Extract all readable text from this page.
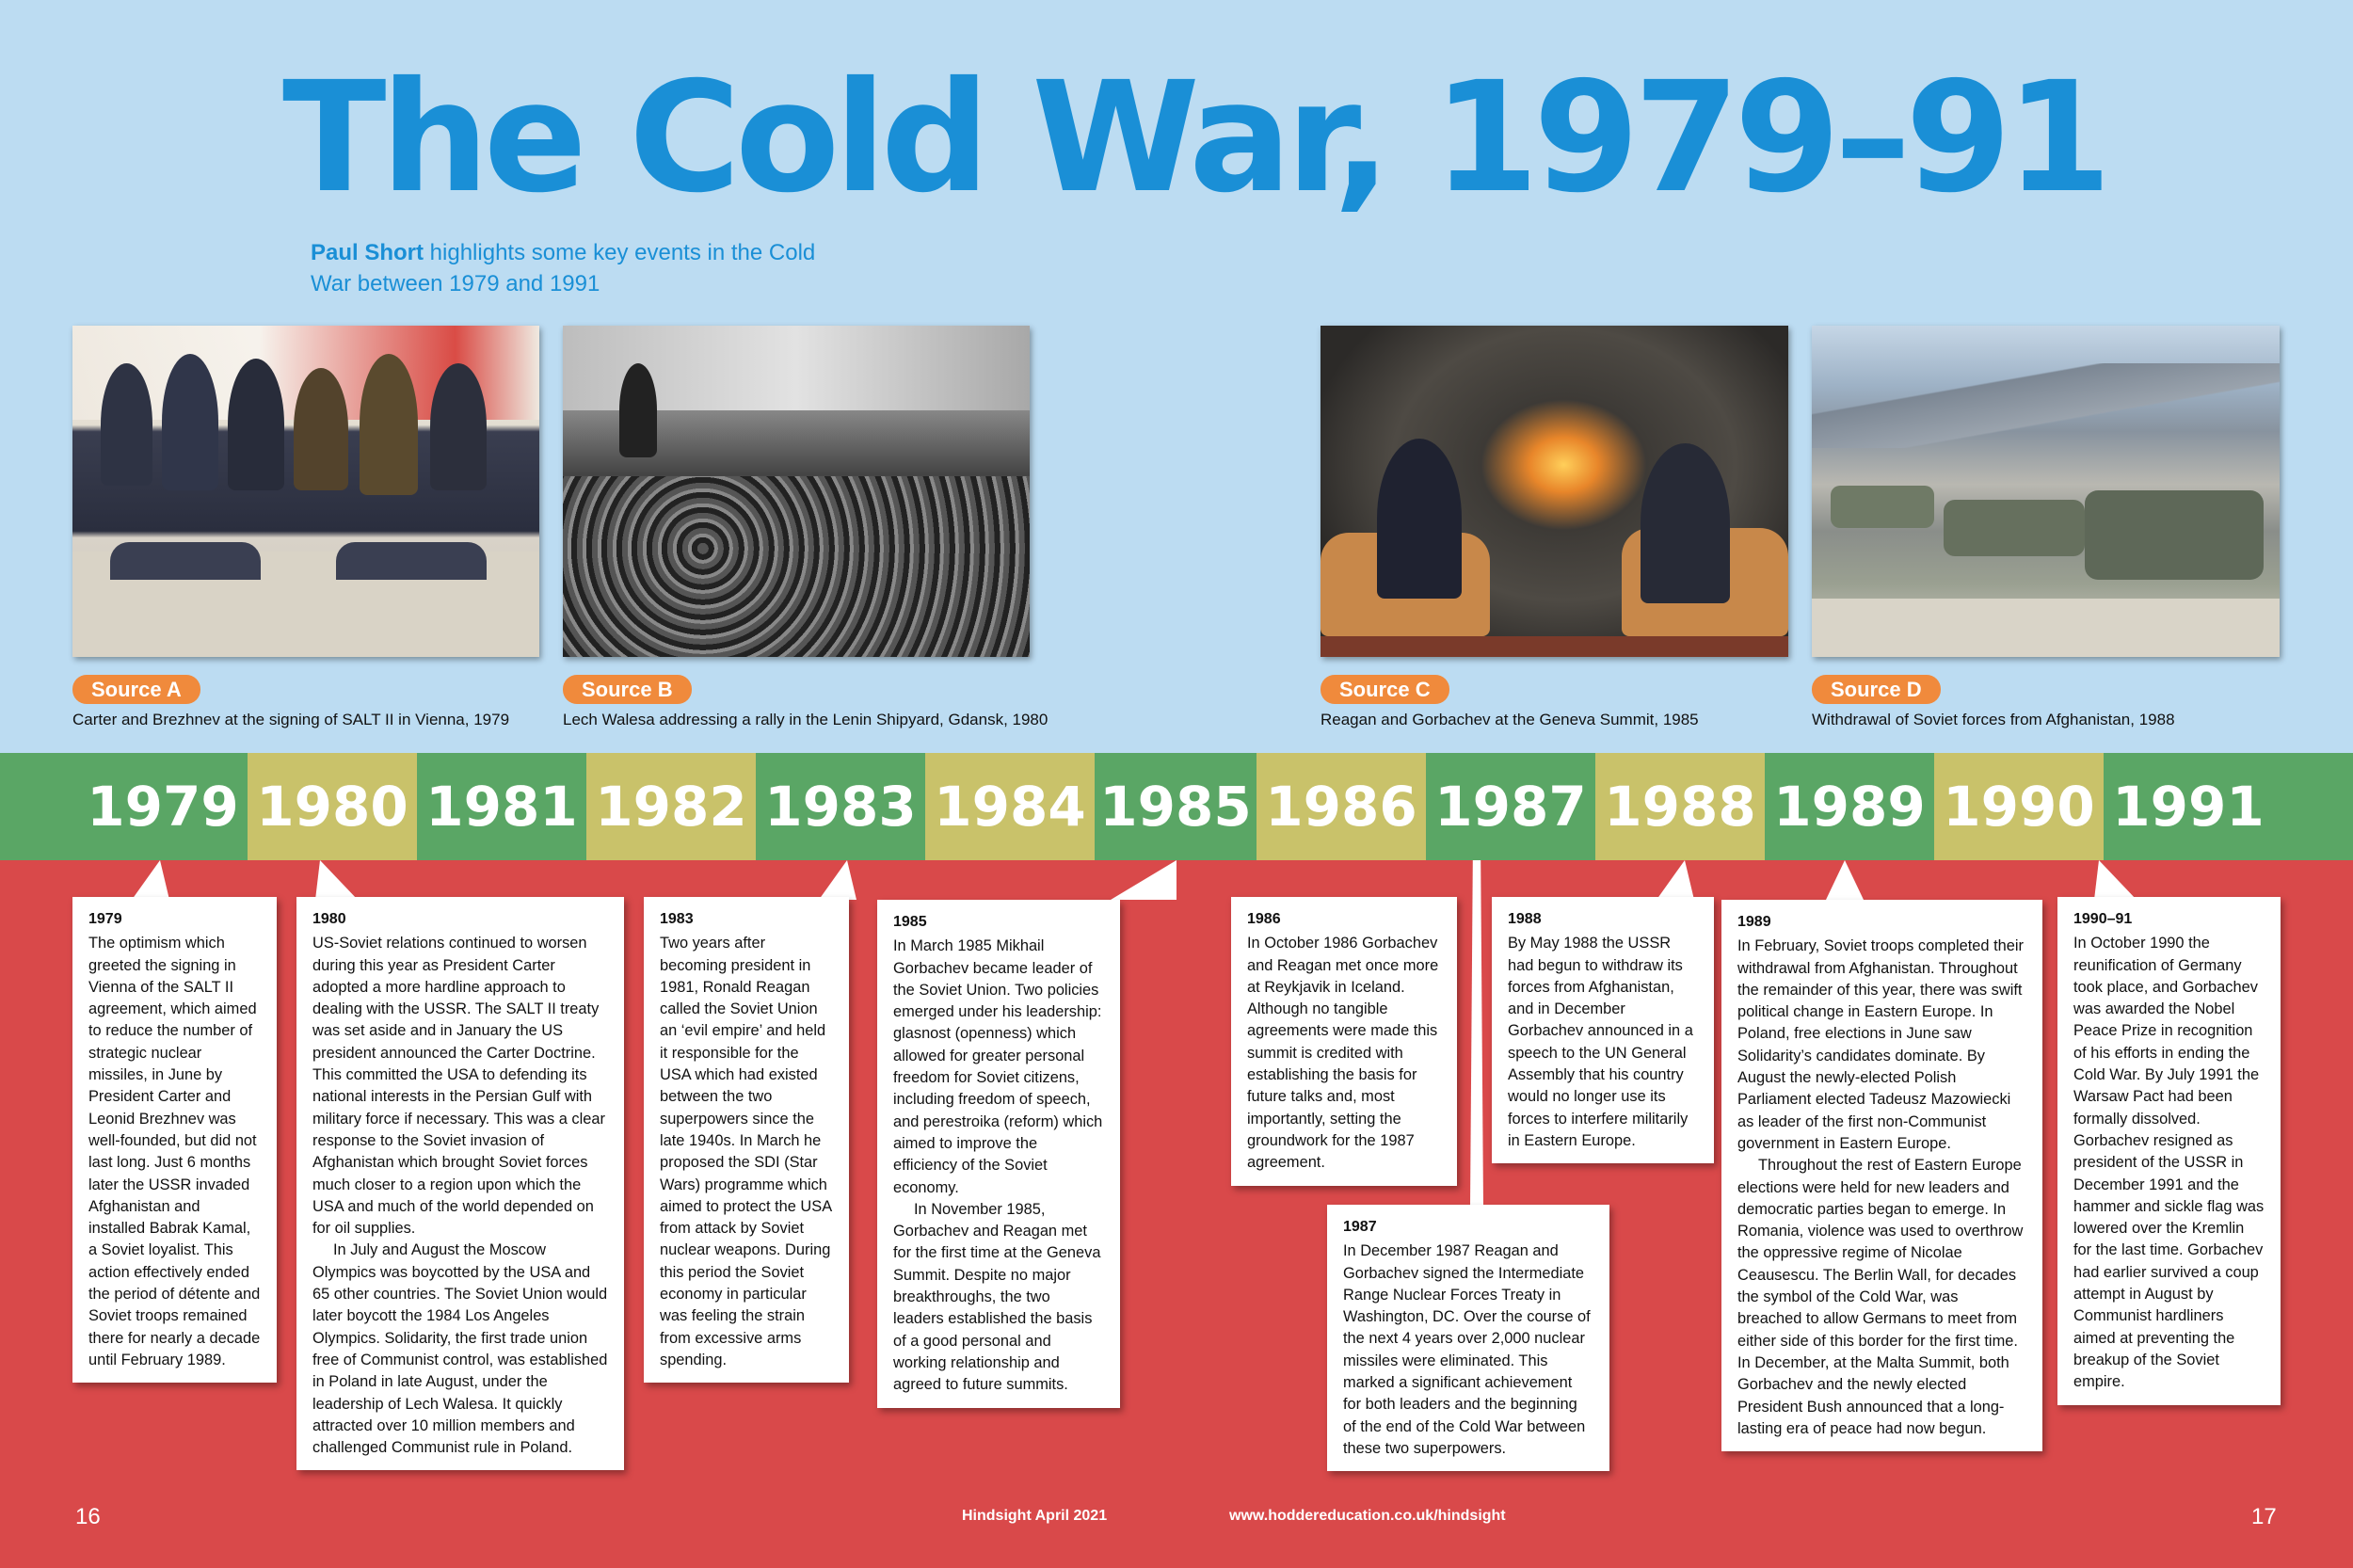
The Cold War, 1979–91
Paul Short highlights some key events in the Cold War between 1979 and 1991
Source A
Carter and Brezhnev at the signing of SALT II in Vienna, 1979
Source B
Lech Walesa addressing a rally in the Lenin Shipyard, Gdansk, 1980
Source C
Reagan and Gorbachev at the Geneva Summit, 1985
Source D
Withdrawal of Soviet forces from Afghanistan, 1988
1979 1980 1981 1982 1983 1984 1985 1986 1987 1988 1989 1990 1991
1979

The optimism which greeted the signing in Vienna of the SALT II agreement, which aimed to reduce the number of strategic nuclear missiles, in June by President Carter and Leonid Brezhnev was well-founded, but did not last long. Just 6 months later the USSR invaded Afghanistan and installed Babrak Kamal, a Soviet loyalist. This action effectively ended the period of détente and Soviet troops remained there for nearly a decade until February 1989.

1980

US-Soviet relations continued to worsen during this year as President Carter adopted a more hardline approach to dealing with the USSR. The SALT II treaty was set aside and in January the US president announced the Carter Doctrine. This committed the USA to defending its national interests in the Persian Gulf with military force if necessary. This was a clear response to the Soviet invasion of Afghanistan which brought Soviet forces much closer to a region upon which the USA and much of the world depended on for oil supplies.

In July and August the Moscow Olympics was boycotted by the USA and 65 other countries. The Soviet Union would later boycott the 1984 Los Angeles Olympics. Solidarity, the first trade union free of Communist control, was established in Poland in late August, under the leadership of Lech Walesa. It quickly attracted over 10 million members and challenged Communist rule in Poland.

1983

Two years after becoming president in 1981, Ronald Reagan called the Soviet Union an ‘evil empire’ and held it responsible for the USA which had existed between the two superpowers since the late 1940s. In March he proposed the SDI (Star Wars) programme which aimed to protect the USA from attack by Soviet nuclear weapons. During this period the Soviet economy in particular was feeling the strain from excessive arms spending.

1985

In March 1985 Mikhail Gorbachev became leader of the Soviet Union. Two policies emerged under his leadership: glasnost (openness) which allowed for greater personal freedom for Soviet citizens, including freedom of speech, and perestroika (reform) which aimed to improve the efficiency of the Soviet economy.

In November 1985, Gorbachev and Reagan met for the first time at the Geneva Summit. Despite no major breakthroughs, the two leaders established the basis of a good personal and working relationship and agreed to future summits.

1986

In October 1986 Gorbachev and Reagan met once more at Reykjavik in Iceland. Although no tangible agreements were made this summit is credited with establishing the basis for future talks and, most importantly, setting the groundwork for the 1987 agreement.

1987

In December 1987 Reagan and Gorbachev signed the Intermediate Range Nuclear Forces Treaty in Washington, DC. Over the course of the next 4 years over 2,000 nuclear missiles were eliminated. This marked a significant achievement for both leaders and the beginning of the end of the Cold War between these two superpowers.

1988

By May 1988 the USSR had begun to withdraw its forces from Afghanistan, and in December Gorbachev announced in a speech to the UN General Assembly that his country would no longer use its forces to interfere militarily in Eastern Europe.

1989

In February, Soviet troops completed their withdrawal from Afghanistan. Throughout the remainder of this year, there was swift political change in Eastern Europe. In Poland, free elections in June saw Solidarity’s candidates dominate. By August the newly-elected Polish Parliament elected Tadeusz Mazowiecki as leader of the first non-Communist government in Eastern Europe.

Throughout the rest of Eastern Europe elections were held for new leaders and democratic parties began to emerge. In Romania, violence was used to overthrow the oppressive regime of Nicolae Ceausescu. The Berlin Wall, for decades the symbol of the Cold War, was breached to allow Germans to meet from either side of this border for the first time. In December, at the Malta Summit, both Gorbachev and the newly elected President Bush announced that a long-lasting era of peace had now begun.

1990–91

In October 1990 the reunification of Germany took place, and Gorbachev was awarded the Nobel Peace Prize in recognition of his efforts in ending the Cold War. By July 1991 the Warsaw Pact had been formally dissolved. Gorbachev resigned as president of the USSR in December 1991 and the hammer and sickle flag was lowered over the Kremlin for the last time. Gorbachev had earlier survived a coup attempt in August by Communist hardliners aimed at preventing the breakup of the Soviet empire.

16	Hindsight April 2021	www.hoddereducation.co.uk/hindsight	17
